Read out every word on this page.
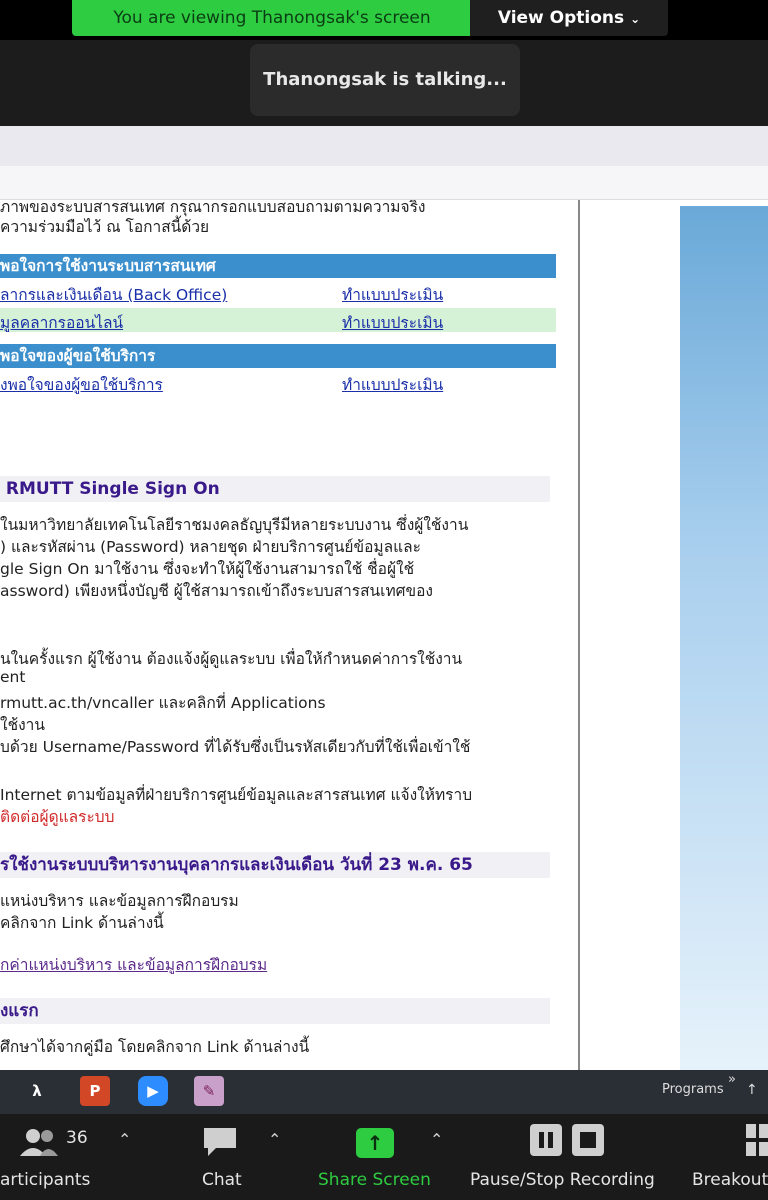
You are viewing Thanongsak's screen	View Options ⌄
Thanongsak is talking...
ภาพของระบบสารสนเทศ กรุณากรอกแบบสอบถามตามความจริง
ความร่วมมือไว้ ณ โอกาสนี้ด้วย
พอใจการใช้งานระบบสารสนเทศ
ลากรและเงินเดือน (Back Office)	ทำแบบประเมิน
มูลคลากรออนไลน์	ทำแบบประเมิน
พอใจของผู้ขอใช้บริการ
งพอใจของผู้ขอใช้บริการ	ทำแบบประเมิน
RMUTT Single Sign On
ในมหาวิทยาลัยเทคโนโลยีราชมงคลธัญบุรีมีหลายระบบงาน ซึ่งผู้ใช้งาน
) และรหัสผ่าน (Password) หลายชุด ฝ่ายบริการศูนย์ข้อมูลและ
gle Sign On มาใช้งาน ซึ่งจะทำให้ผู้ใช้งานสามารถใช้ ชื่อผู้ใช้
assword) เพียงหนึ่งบัญชี ผู้ใช้สามารถเข้าถึงระบบสารสนเทศของ
นในครั้งแรก ผู้ใช้งาน ต้องแจ้งผู้ดูแลระบบ เพื่อให้กำหนดค่าการใช้งาน
ent
rmutt.ac.th/vncaller และคลิกที่ Applications
ใช้งาน
บด้วย Username/Password ที่ได้รับซึ่งเป็นรหัสเดียวกับที่ใช้เพื่อเข้าใช้
Internet ตามข้อมูลที่ฝ่ายบริการศูนย์ข้อมูลและสารสนเทศ แจ้งให้ทราบ
ติดต่อผู้ดูแลระบบ
รใช้งานระบบบริหารงานบุคลากรและเงินเดือน วันที่ 23 พ.ค. 65
แหน่งบริหาร และข้อมูลการฝึกอบรม
คลิกจาก Link ด้านล่างนี้
กค่าแหน่งบริหาร และข้อมูลการฝึกอบรม
งแรก
ศึกษาได้จากคู่มือ โดยคลิกจาก Link ด้านล่างนี้
λ	P	▶	✎	Programs
»
↑
36 ⌃
articipants
⌃
Chat
↑	⌃
Share Screen Pause/Stop Recording Breakout
